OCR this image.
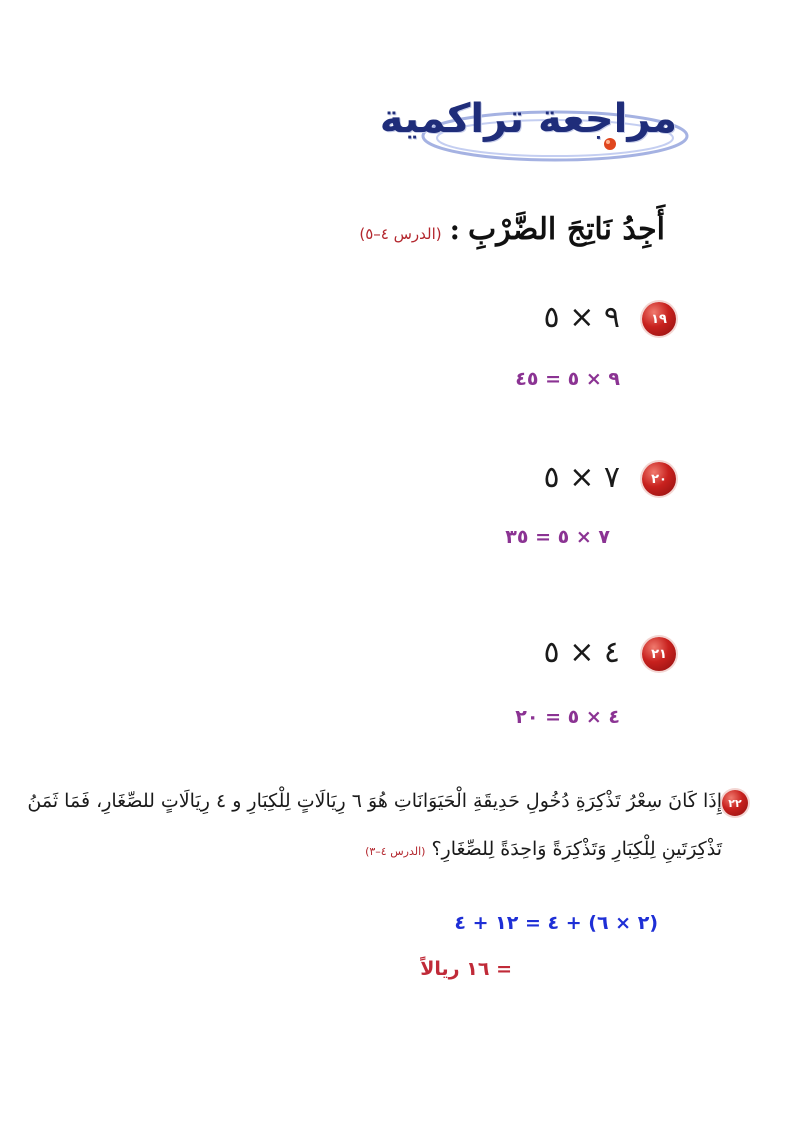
مراجعة تراكمية
أَجِدُ نَاتِجَ الضَّرْبِ
:
(الدرس ٤–٥)
١٩
٩ × ٥
٩ × ٥ = ٤٥
٢٠
٧ × ٥
٧ × ٥ = ٣٥
٢١
٤ × ٥
٤ × ٥ = ٢٠
٢٢
إِذَا كَانَ سِعْرُ تَذْكِرَةِ دُخُولِ حَدِيقَةِ الْحَيَوَانَاتِ هُوَ ٦ رِيَالَاتٍ لِلْكِبَارِ و ٤ رِيَالَاتٍ للصِّغَارِ، فَمَا ثَمَنُ
تَذْكِرَتَينِ لِلْكِبَارِ وَتَذْكِرَةً وَاحِدَةً لِلصِّغَارِ؟ (الدرس ٤–٣)
(٢ × ٦) + ٤ = ١٢ + ٤
= ١٦ ريالاً
